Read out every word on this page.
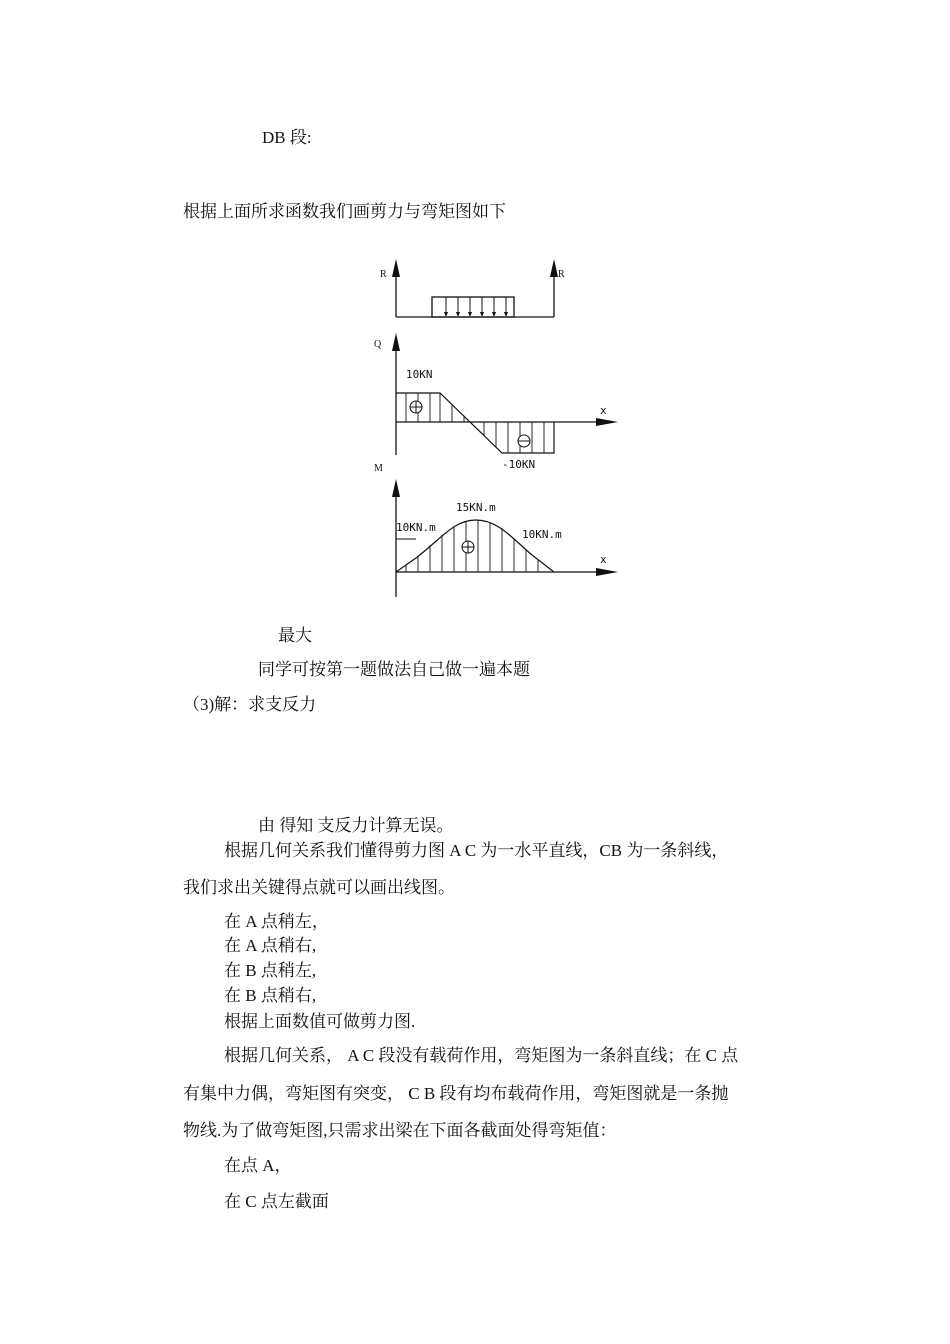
DB 段:
根据上面所求函数我们画剪力与弯矩图如下
R	R
Q
x
10KN
-10KN
M
x
15KN.m
10KN.m
10KN.m
最大
同学可按第一题做法自己做一遍本题
（3)解：求支反力
由 得知 支反力计算无误。
根据几何关系我们懂得剪力图 A C 为一水平直线，CB 为一条斜线，
我们求出关键得点就可以画出线图。
在 A 点稍左，
在 A 点稍右,
在 B 点稍左,
在 B 点稍右,
根据上面数值可做剪力图.
根据几何关系， A C 段没有载荷作用，弯矩图为一条斜直线；在 C 点
有集中力偶，弯矩图有突变， C B 段有均布载荷作用，弯矩图就是一条抛
物线.为了做弯矩图,只需求出梁在下面各截面处得弯矩值：
在点 A，
在 C 点左截面
